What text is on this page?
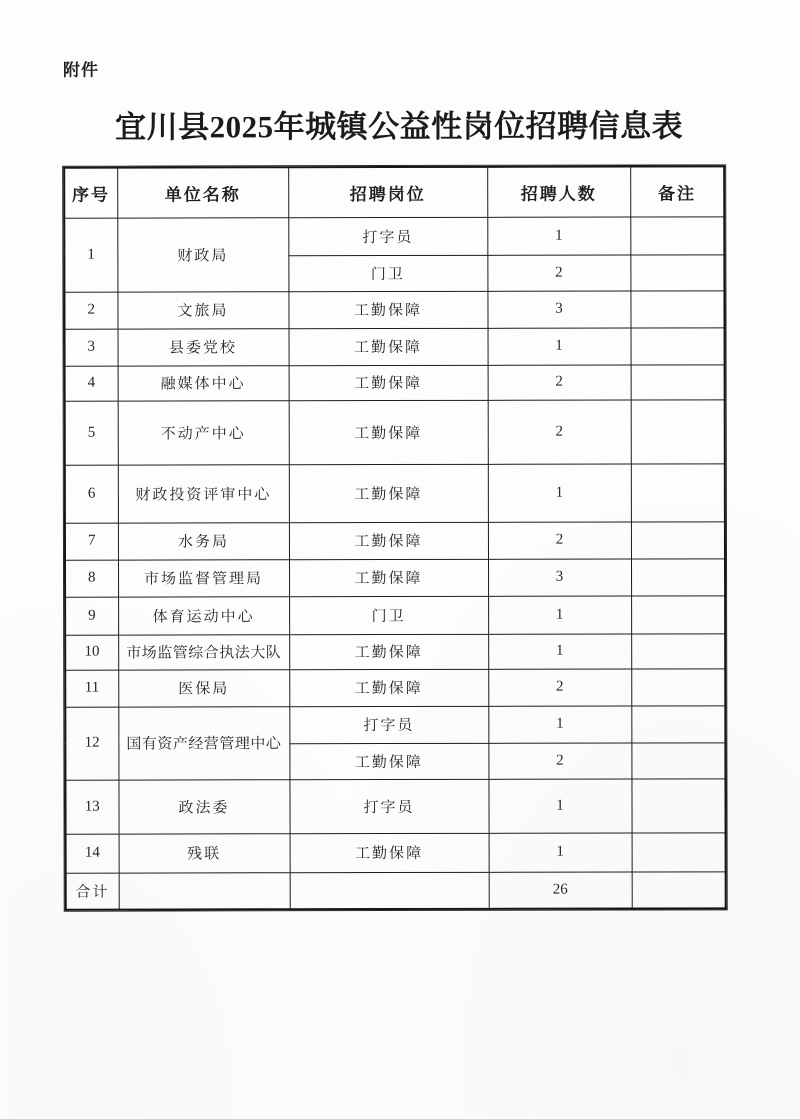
附件
宜川县2025年城镇公益性岗位招聘信息表
序号	单位名称	招聘岗位	招聘人数	备注
1	财政局	打字员	1	
		门卫	2	
2	文旅局	工勤保障	3	
3	县委党校	工勤保障	1	
4	融媒体中心	工勤保障	2	
5	不动产中心	工勤保障	2	
6	财政投资评审中心	工勤保障	1	
7	水务局	工勤保障	2	
8	市场监督管理局	工勤保障	3	
9	体育运动中心	门卫	1	
10	市场监管综合执法大队	工勤保障	1	
11	医保局	工勤保障	2	
12	国有资产经营管理中心	打字员	1	
		工勤保障	2	
13	政法委	打字员	1	
14	残联	工勤保障	1	
合计			26	
